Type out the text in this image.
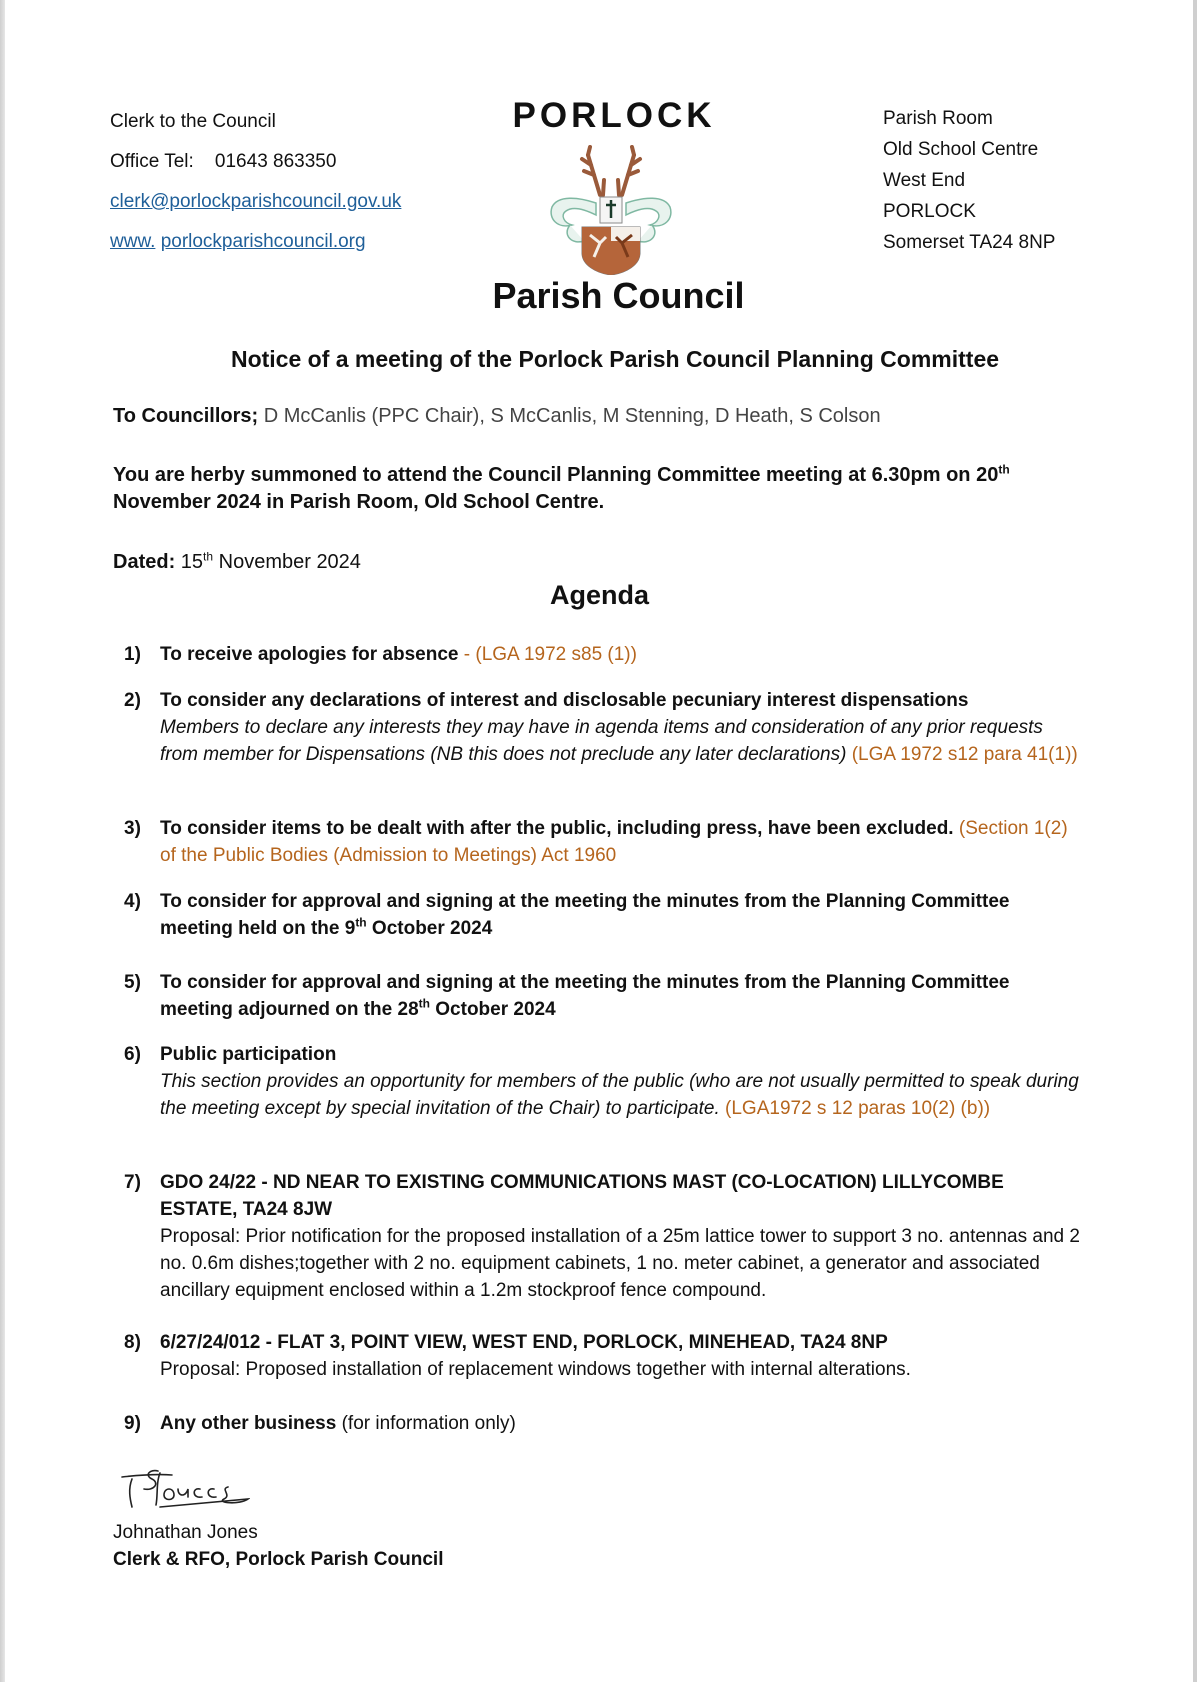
Clerk to the Council
Office Tel: 01643 863350
clerk@porlockparishcouncil.gov.uk
www. porlockparishcouncil.org
PORLOCK
Parish Council
Parish Room
Old School Centre
West End
PORLOCK
Somerset TA24 8NP
Notice of a meeting of the Porlock Parish Council Planning Committee
To Councillors; D McCanlis (PPC Chair), S McCanlis, M Stenning, D Heath, S Colson
You are herby summoned to attend the Council Planning Committee meeting at 6.30pm on 20th
November 2024 in Parish Room, Old School Centre.
Dated: 15th November 2024
Agenda
1) To receive apologies for absence - (LGA 1972 s85 (1))
2) To consider any declarations of interest and disclosable pecuniary interest dispensations
Members to declare any interests they may have in agenda items and consideration of any prior requests from member for Dispensations (NB this does not preclude any later declarations) (LGA 1972 s12 para 41(1))
3) To consider items to be dealt with after the public, including press, have been excluded. (Section 1(2) of the Public Bodies (Admission to Meetings) Act 1960
4) To consider for approval and signing at the meeting the minutes from the Planning Committee meeting held on the 9th October 2024
5) To consider for approval and signing at the meeting the minutes from the Planning Committee meeting adjourned on the 28th October 2024
6) Public participation
This section provides an opportunity for members of the public (who are not usually permitted to speak during the meeting except by special invitation of the Chair) to participate. (LGA1972 s 12 paras 10(2) (b))
7) GDO 24/22 - ND NEAR TO EXISTING COMMUNICATIONS MAST (CO-LOCATION) LILLYCOMBE ESTATE, TA24 8JW
Proposal: Prior notification for the proposed installation of a 25m lattice tower to support 3 no. antennas and 2 no. 0.6m dishes;together with 2 no. equipment cabinets, 1 no. meter cabinet, a generator and associated ancillary equipment enclosed within a 1.2m stockproof fence compound.
8) 6/27/24/012 - FLAT 3, POINT VIEW, WEST END, PORLOCK, MINEHEAD, TA24 8NP
Proposal: Proposed installation of replacement windows together with internal alterations.
9) Any other business (for information only)
Johnathan Jones
Clerk & RFO, Porlock Parish Council
